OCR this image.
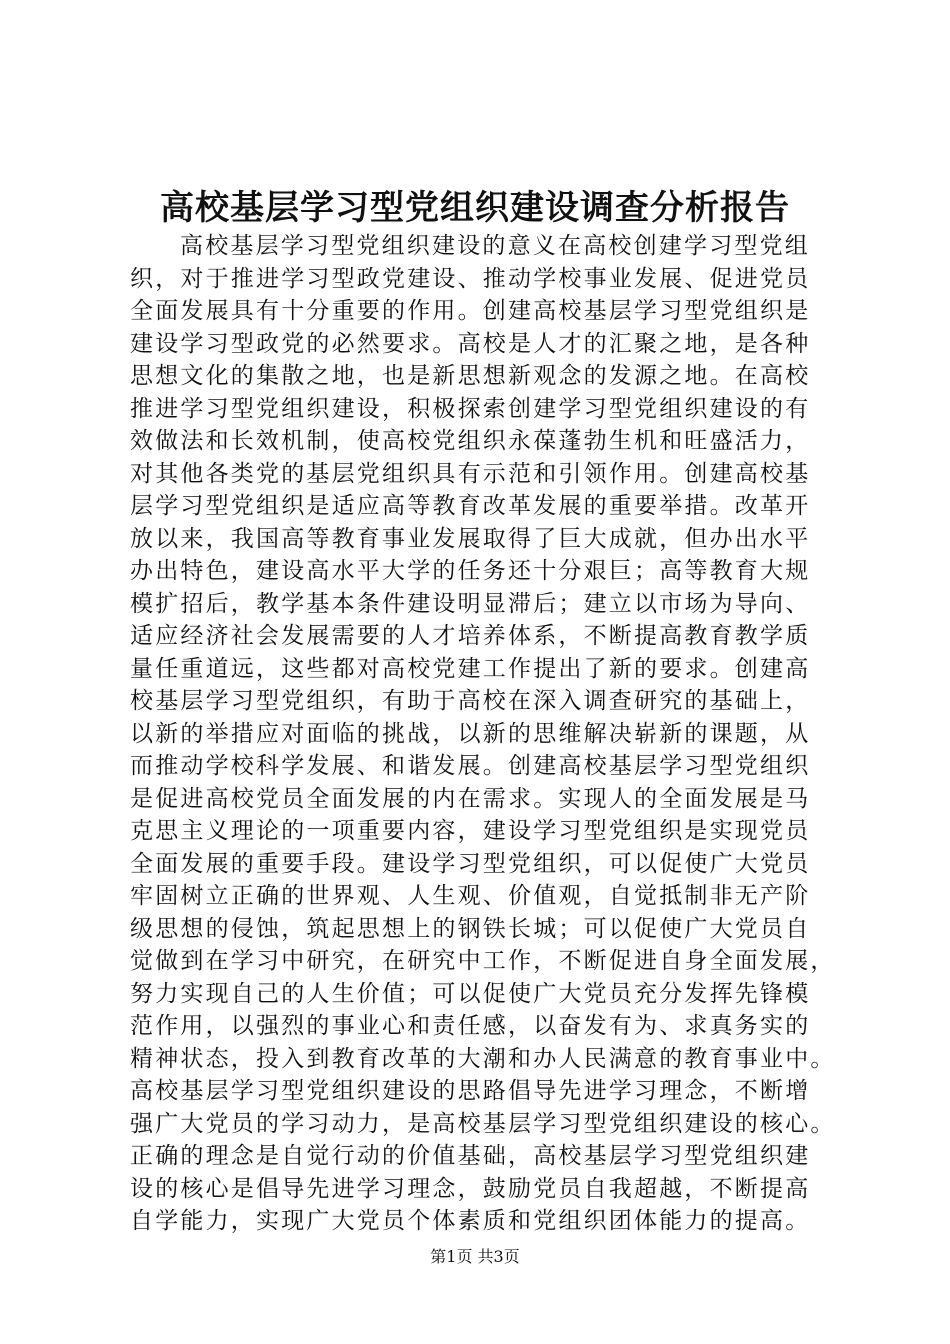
高校基层学习型党组织建设调查分析报告
高校基层学习型党组织建设的意义在高校创建学习型党组
织，对于推进学习型政党建设、推动学校事业发展、促进党员
全面发展具有十分重要的作用。创建高校基层学习型党组织是
建设学习型政党的必然要求。高校是人才的汇聚之地，是各种
思想文化的集散之地，也是新思想新观念的发源之地。在高校
推进学习型党组织建设，积极探索创建学习型党组织建设的有
效做法和长效机制，使高校党组织永葆蓬勃生机和旺盛活力，
对其他各类党的基层党组织具有示范和引领作用。创建高校基
层学习型党组织是适应高等教育改革发展的重要举措。改革开
放以来，我国高等教育事业发展取得了巨大成就，但办出水平
办出特色，建设高水平大学的任务还十分艰巨；高等教育大规
模扩招后，教学基本条件建设明显滞后；建立以市场为导向、
适应经济社会发展需要的人才培养体系，不断提高教育教学质
量任重道远，这些都对高校党建工作提出了新的要求。创建高
校基层学习型党组织，有助于高校在深入调查研究的基础上，
以新的举措应对面临的挑战，以新的思维解决崭新的课题，从
而推动学校科学发展、和谐发展。创建高校基层学习型党组织
是促进高校党员全面发展的内在需求。实现人的全面发展是马
克思主义理论的一项重要内容，建设学习型党组织是实现党员
全面发展的重要手段。建设学习型党组织，可以促使广大党员
牢固树立正确的世界观、人生观、价值观，自觉抵制非无产阶
级思想的侵蚀，筑起思想上的钢铁长城；可以促使广大党员自
觉做到在学习中研究，在研究中工作，不断促进自身全面发展，
努力实现自己的人生价值；可以促使广大党员充分发挥先锋模
范作用，以强烈的事业心和责任感，以奋发有为、求真务实的
精神状态，投入到教育改革的大潮和办人民满意的教育事业中。
高校基层学习型党组织建设的思路倡导先进学习理念，不断增
强广大党员的学习动力，是高校基层学习型党组织建设的核心。
正确的理念是自觉行动的价值基础，高校基层学习型党组织建
设的核心是倡导先进学习理念，鼓励党员自我超越，不断提高
自学能力，实现广大党员个体素质和党组织团体能力的提高。
第1页 共3页
